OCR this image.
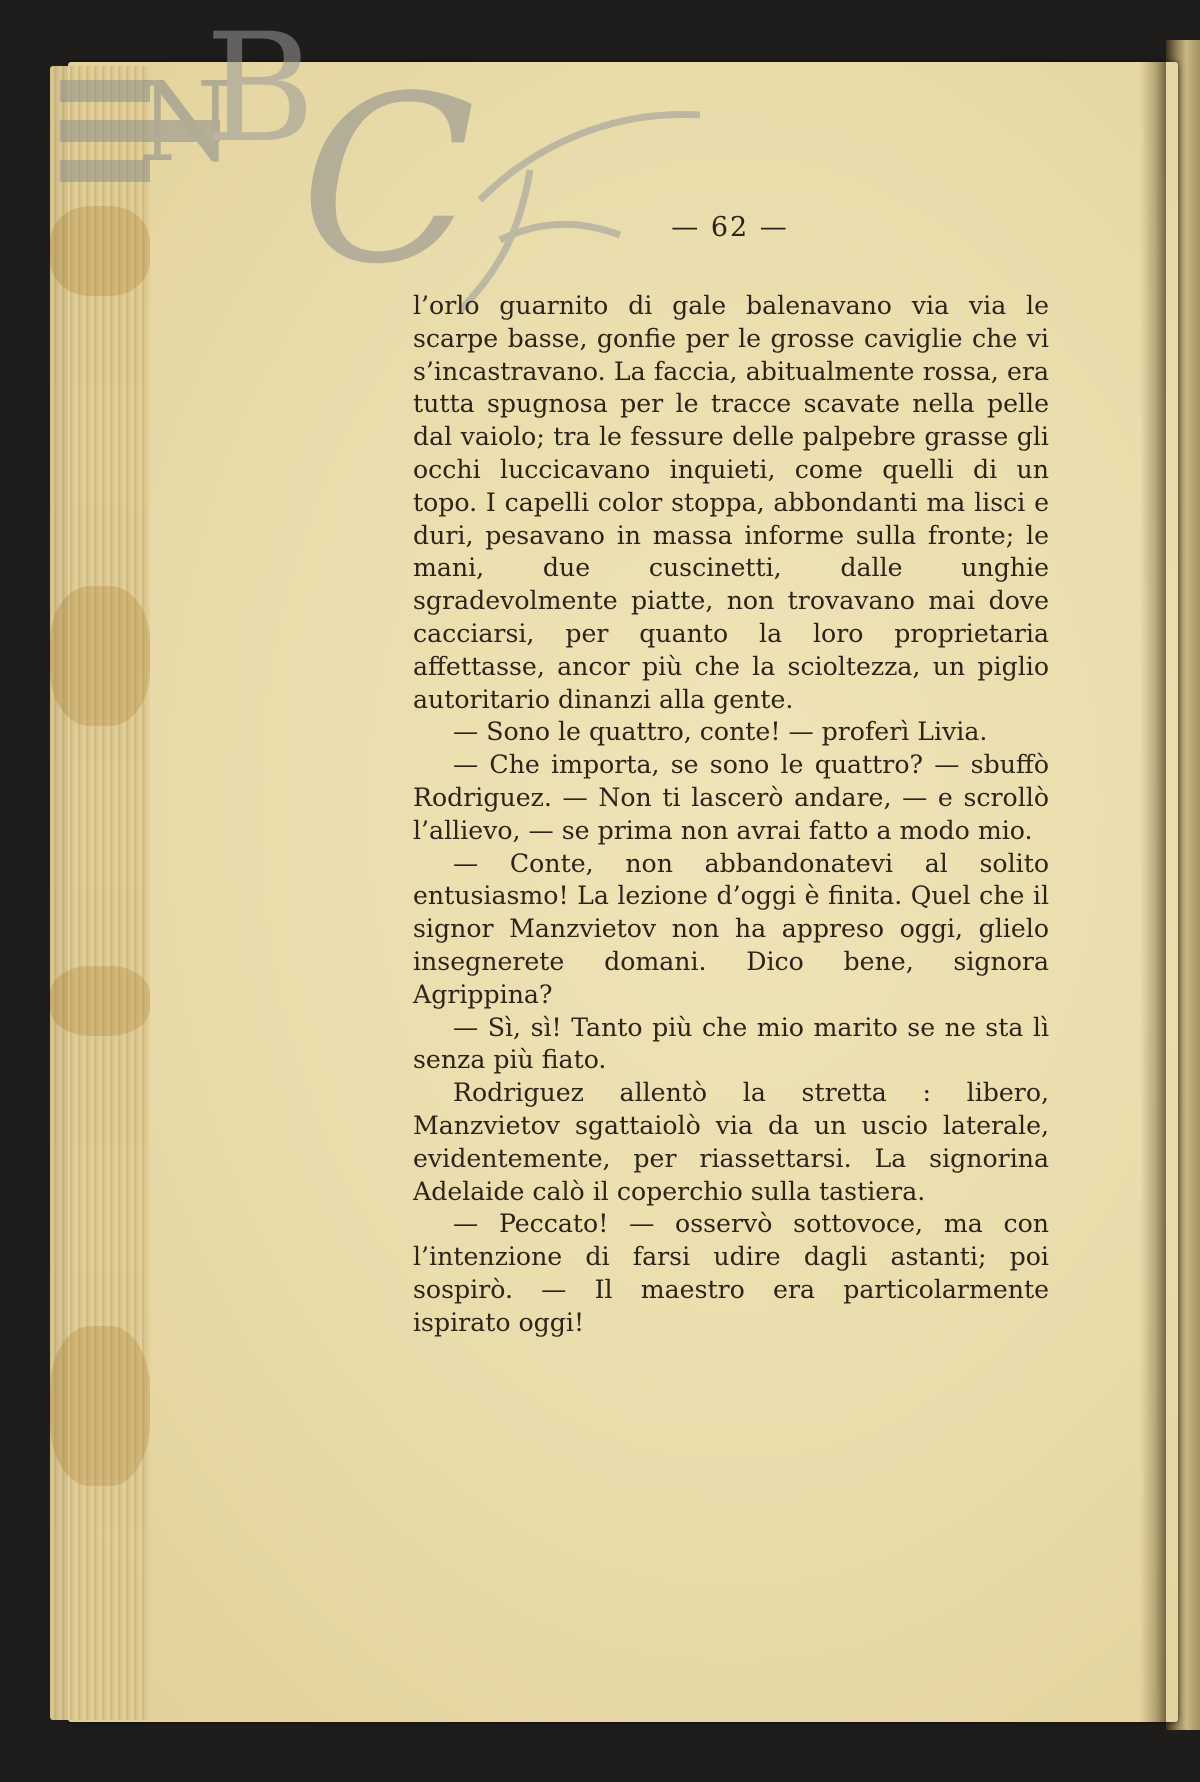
N
B
C	— 62 —

l’orlo guarnito di gale balenavano via via le scarpe basse, gonfie per le grosse caviglie che vi s’incastravano. La faccia, abitualmente rossa, era tutta spugnosa per le tracce scavate nella pelle dal vaiolo; tra le fessure delle palpebre grasse gli occhi luccicavano inquieti, come quelli di un topo. I capelli color stoppa, abbondanti ma lisci e duri, pesavano in massa informe sulla fronte; le mani, due cuscinetti, dalle unghie sgradevolmente piatte, non trovavano mai dove cacciarsi, per quanto la loro proprietaria affettasse, ancor più che la scioltezza, un piglio autoritario dinanzi alla gente.

— Sono le quattro, conte! — proferì Livia.

— Che importa, se sono le quattro? — sbuffò Rodriguez. — Non ti lascerò andare, — e scrollò l’allievo, — se prima non avrai fatto a modo mio.

— Conte, non abbandonatevi al solito entusiasmo! La lezione d’oggi è finita. Quel che il signor Manzvietov non ha appreso oggi, glielo insegnerete domani. Dico bene, signora Agrippina?

— Sì, sì! Tanto più che mio marito se ne sta lì senza più fiato.

Rodriguez allentò la stretta : libero, Manzvietov sgattaiolò via da un uscio laterale, evidentemente, per riassettarsi. La signorina Adelaide calò il coperchio sulla tastiera.

— Peccato! — osservò sottovoce, ma con l’intenzione di farsi udire dagli astanti; poi sospirò. — Il maestro era particolarmente ispirato oggi!
